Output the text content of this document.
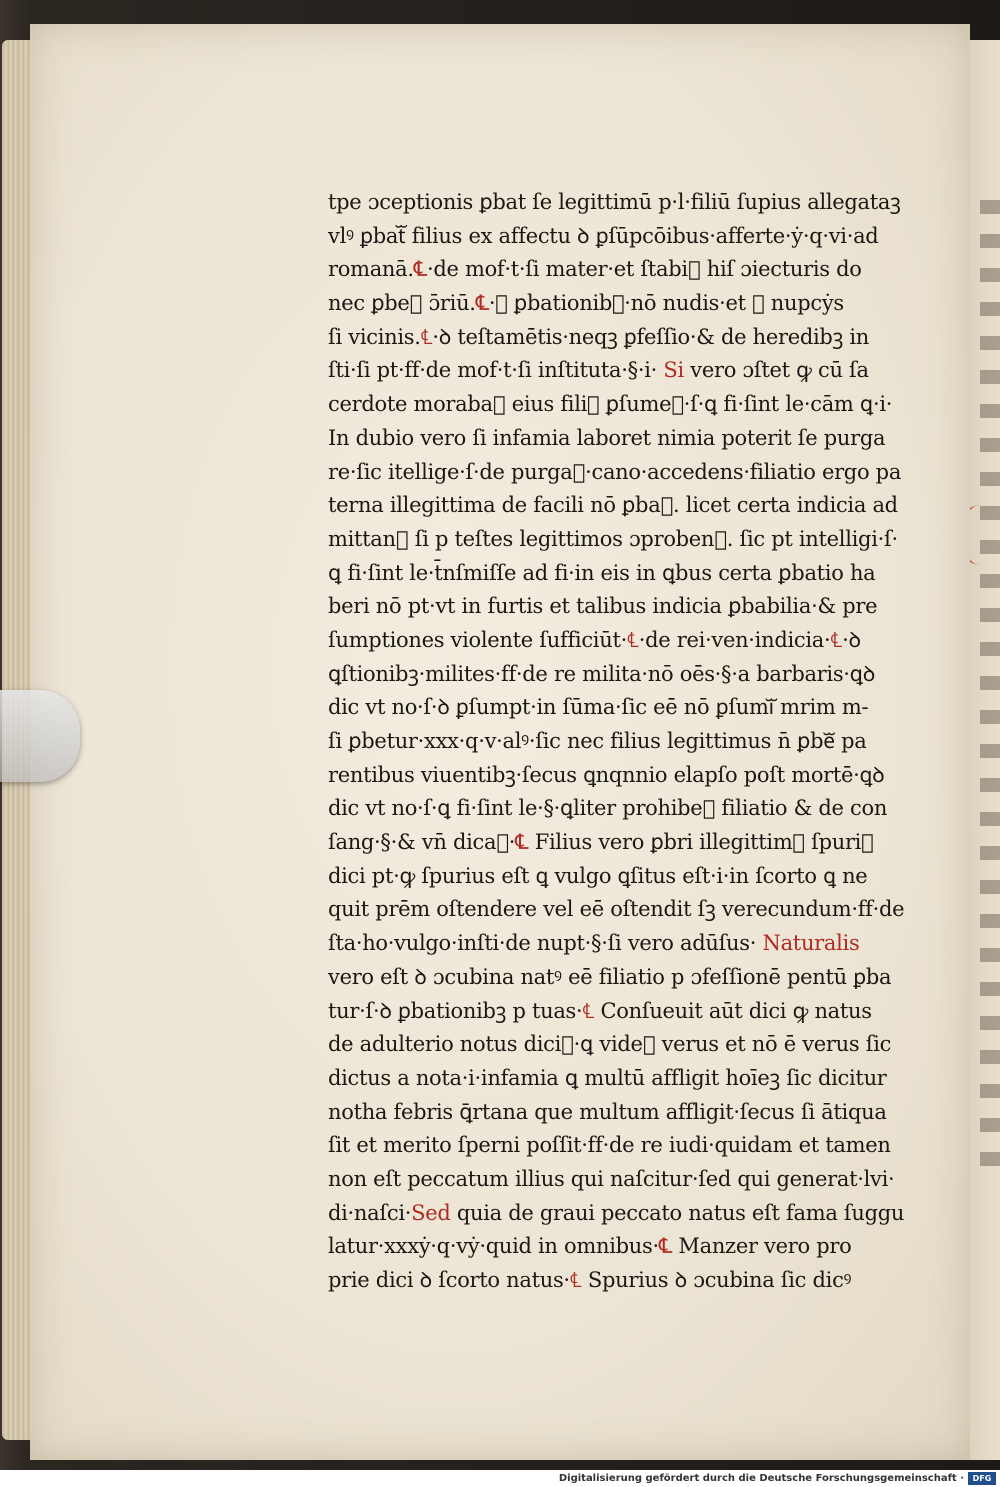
tpe ɔceptionis ꝑbat ſe legittimū p·l·filiū ſupius allegataꝫ
vlꝰ ꝑbatᷓ filius ex affectu ꝺ ꝑſūpcōibus·afferte·ẏ·q·vi·ad
romanā.℄·de mof·t·ſi mater·et ſtabiᷓ hiſ ɔiecturis do
nec ꝑbeᷓ ɔ̄riū.℄·ꝺ ꝑbationibꝫ·nō nudis·et ꝺ nupcẏs
ſi vicinis.℄·ꝺ teſtamētis·neqꝫ ꝑfeſſio·& de heredibꝫ in
ſti·ſi pt·ff·de mof·t·ſi inſtituta·§·i· Si vero ɔſtet ꝙ cū ſa
cerdote morabaᷓ eius filiꝰ ꝑſumeᷓ·ſ·ꝗ fi·ſint le·cām ꝗ·i·
In dubio vero ſi infamia laboret nimia poterit ſe purga
re·ſic itellige·ſ·de purgaᷓ·cano·accedens·filiatio ergo pa
terna illegittima de facili nō ꝑbaᷓ. licet certa indicia ad
mittanᷓ ſi p teſtes legittimos ɔprobenᷓ. ſic pt intelligi·ſ·
ꝗ fi·ſint le·t̄nſmiſſe ad fi·in eis in ꝗbus certa ꝑbatio ha
beri nō pt·vt in furtis et talibus indicia ꝑbabilia·& pre
ſumptiones violente ſufficiūt·℄·de rei·ven·indicia·℄·ꝺ
ꝗſtionibꝫ·milites·ff·de re milita·nō oēs·§·a barbaris·ꝗꝺ
dic vt no·ſ·ꝺ ꝑſumpt·in ſūma·ſic eē nō ꝑſumiᷓ mrim m-
ſi ꝑbetur·xxx·q·v·alꝰ·ſic nec filius legittimus n̄ ꝑbeᷓ pa
rentibus viuentibꝫ·ſecus ꝗnqnnio elapſo poſt mortē·ꝗꝺ
dic vt no·ſ·ꝗ fi·ſint le·§·ꝗliter prohibeᷓ filiatio & de con
ſang·§·& vn̄ dicaᷓ·℄ Filius vero ꝑbri illegittimꝰ ſpuriꝰ
dici pt·ꝙ ſpurius eſt ꝗ vulgo ꝗſitus eſt·i·in ſcorto ꝗ ne
quit prēm oſtendere vel eē oſtendit ſꝫ verecundum·ff·de
ſta·ho·vulgo·inſti·de nupt·§·ſi vero adūſus· Naturalis
vero eſt ꝺ ɔcubina natꝰ eē filiatio p ɔfeſſionē pentū ꝑba
tur·ſ·ꝺ ꝑbationibꝫ p tuas·℄ Conſueuit aūt dici ꝙ natus
de adulterio notus diciᷓ·ꝗ videᷓ verus et nō ē verus ſic
dictus a nota·i·infamia ꝗ multū affligit hoīeꝫ ſic dicitur
notha febris ꝗ̄rtana que multum affligit·ſecus ſi ātiqua
ſit et merito ſperni poſſit·ff·de re iudi·quidam et tamen
non eſt peccatum illius qui naſcitur·ſed qui generat·lvi·
di·naſci·Sed quia de graui peccato natus eſt fama ſuggu
latur·xxxẏ·q·vẏ·quid in omnibus·℄ Manzer vero pro
prie dici ꝺ ſcorto natus·℄ Spurius ꝺ ɔcubina ſic dicꝰ
Digitalisierung gefördert durch die Deutsche Forschungsgemeinschaft ·	DFG
